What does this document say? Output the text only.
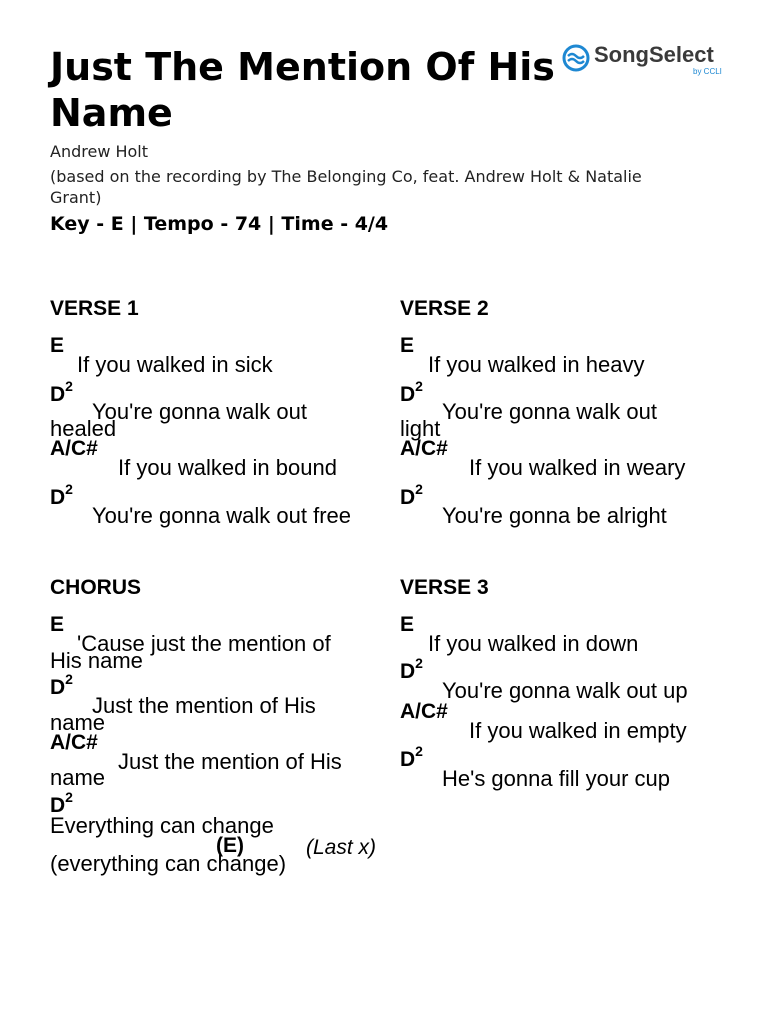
Just The Mention Of His Name
SongSelect
by CCLI
Andrew Holt
(based on the recording by The Belonging Co, feat. Andrew Holt & Natalie
Grant)
Key - E | Tempo - 74 | Time - 4/4
VERSE 1
E
If you walked in sick
$D^2$
You're gonna walk out
healed
A/C#
If you walked in bound
$D^2$
You're gonna walk out free
VERSE 2
E
If you walked in heavy
$D^2$
You're gonna walk out
light
A/C#
If you walked in weary
$D^2$
You're gonna be alright
CHORUS
E
'Cause just the mention of
His name
$D^2$
Just the mention of His
name
A/C#
Just the mention of His
name
$D^2$
Everything can change
(E)
(everything can change)
(Last x)
VERSE 3
E
If you walked in down
$D^2$
You're gonna walk out up
A/C#
If you walked in empty
$D^2$
He's gonna fill your cup
